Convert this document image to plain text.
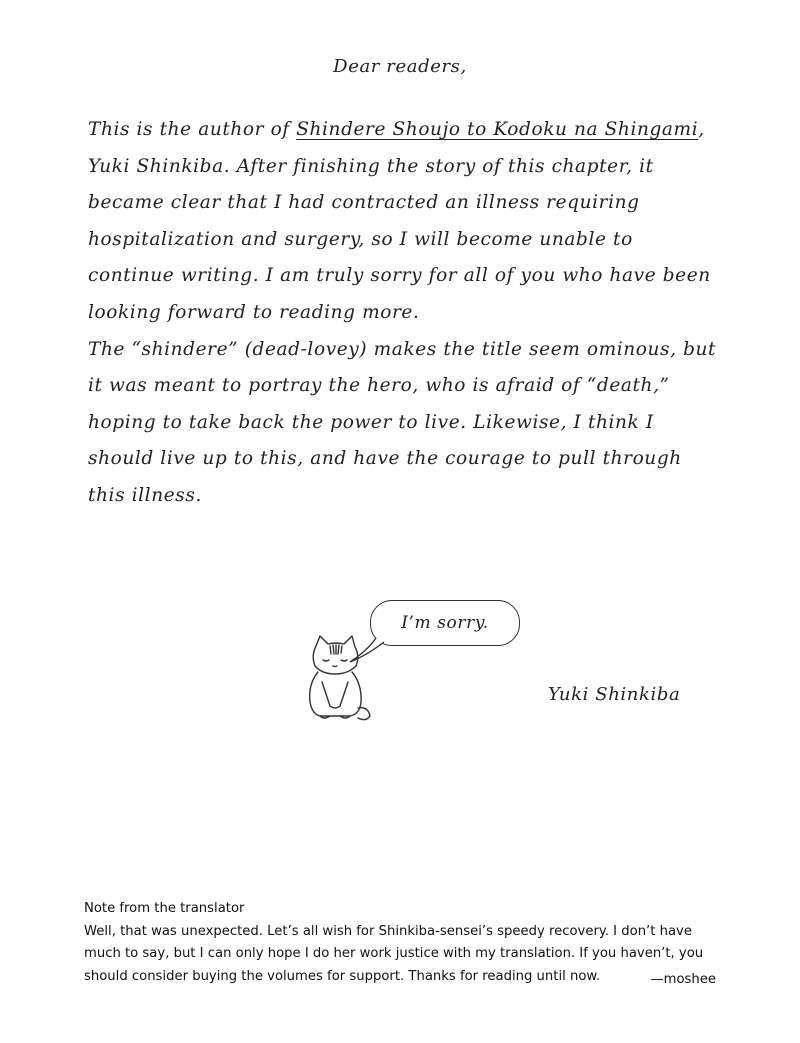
Dear readers,

This is the author of Shindere Shoujo to Kodoku na Shingami, Yuki Shinkiba. After finishing the story of this chapter, it became clear that I had contracted an illness requiring hospitalization and surgery, so I will become unable to continue writing. I am truly sorry for all of you who have been looking forward to reading more.

The “shindere” (dead-lovey) makes the title seem ominous, but it was meant to portray the hero, who is afraid of “death,” hoping to take back the power to live. Likewise, I think I should live up to this, and have the courage to pull through this illness.

I’m sorry.
Yuki Shinkiba
Note from the translator
Well, that was unexpected. Let’s all wish for Shinkiba-sensei’s speedy recovery. I don’t have much to say, but I can only hope I do her work justice with my translation. If you haven’t, you should consider buying the volumes for support. Thanks for reading until now.	—moshee
